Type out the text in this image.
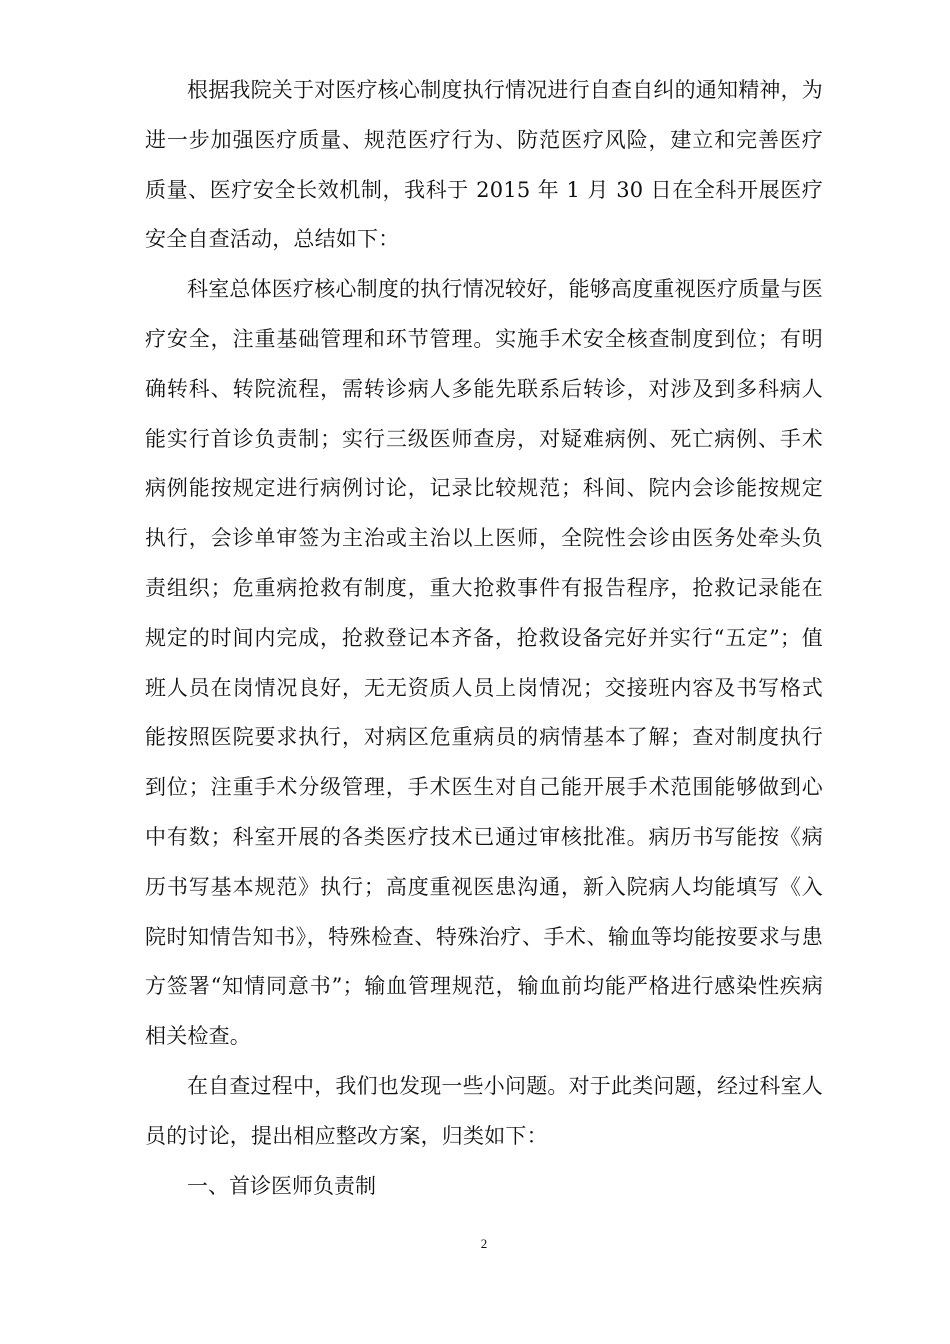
根据我院关于对医疗核心制度执行情况进行自查自纠的通知精神，为进一步加强医疗质量、规范医疗行为、防范医疗风险，建立和完善医疗质量、医疗安全长效机制，我科于 2015 年 1 月 30 日在全科开展医疗安全自查活动，总结如下：

科室总体医疗核心制度的执行情况较好，能够高度重视医疗质量与医疗安全，注重基础管理和环节管理。实施手术安全核查制度到位；有明确转科、转院流程，需转诊病人多能先联系后转诊，对涉及到多科病人能实行首诊负责制；实行三级医师查房，对疑难病例、死亡病例、手术病例能按规定进行病例讨论，记录比较规范；科间、院内会诊能按规定执行，会诊单审签为主治或主治以上医师，全院性会诊由医务处牵头负责组织；危重病抢救有制度，重大抢救事件有报告程序，抢救记录能在规定的时间内完成，抢救登记本齐备，抢救设备完好并实行“五定”；值班人员在岗情况良好，无无资质人员上岗情况；交接班内容及书写格式能按照医院要求执行，对病区危重病员的病情基本了解；查对制度执行到位；注重手术分级管理，手术医生对自己能开展手术范围能够做到心中有数；科室开展的各类医疗技术已通过审核批准。病历书写能按《病历书写基本规范》执行；高度重视医患沟通，新入院病人均能填写《入院时知情告知书》，特殊检查、特殊治疗、手术、输血等均能按要求与患方签署“知情同意书”；输血管理规范，输血前均能严格进行感染性疾病相关检查。

在自查过程中，我们也发现一些小问题。对于此类问题，经过科室人员的讨论，提出相应整改方案，归类如下：

一、首诊医师负责制

2
